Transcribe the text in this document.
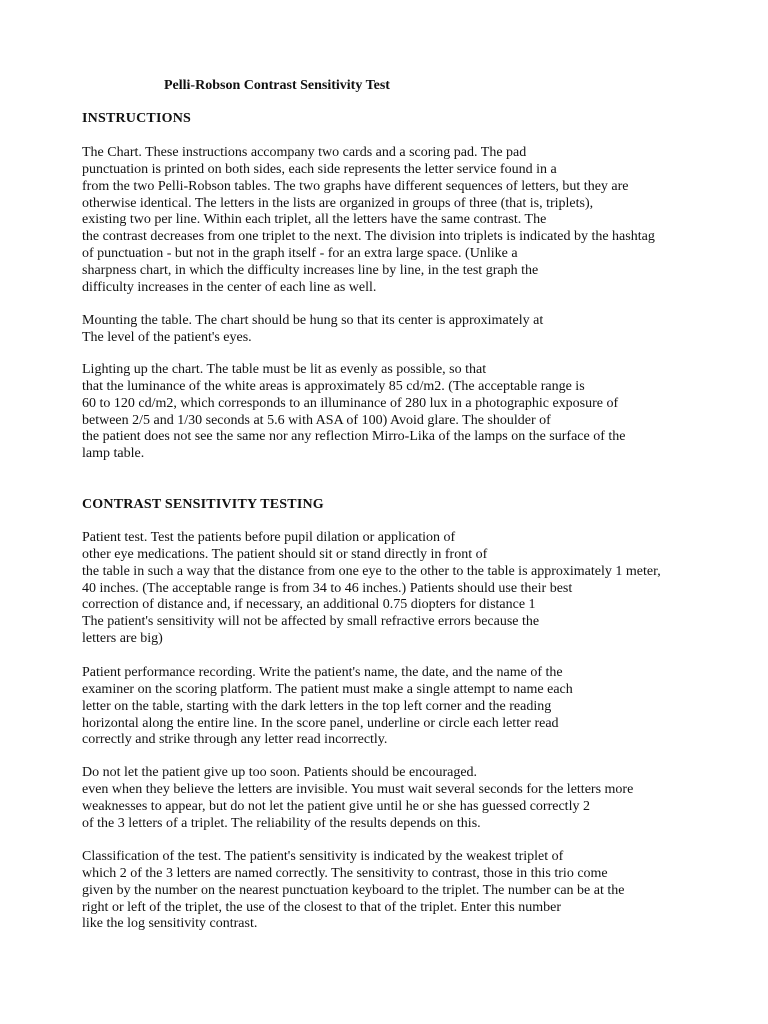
Pelli-Robson Contrast Sensitivity Test
INSTRUCTIONS
The Chart. These instructions accompany two cards and a scoring pad. The pad
punctuation is printed on both sides, each side represents the letter service found in a
from the two Pelli-Robson tables. The two graphs have different sequences of letters, but they are
otherwise identical. The letters in the lists are organized in groups of three (that is, triplets),
existing two per line. Within each triplet, all the letters have the same contrast. The
the contrast decreases from one triplet to the next. The division into triplets is indicated by the hashtag
of punctuation - but not in the graph itself - for an extra large space. (Unlike a
sharpness chart, in which the difficulty increases line by line, in the test graph the
difficulty increases in the center of each line as well.
Mounting the table. The chart should be hung so that its center is approximately at
The level of the patient's eyes.
Lighting up the chart. The table must be lit as evenly as possible, so that
that the luminance of the white areas is approximately 85 cd/m2. (The acceptable range is
60 to 120 cd/m2, which corresponds to an illuminance of 280 lux in a photographic exposure of
between 2/5 and 1/30 seconds at 5.6 with ASA of 100) Avoid glare. The shoulder of
the patient does not see the same nor any reflection Mirro-Lika of the lamps on the surface of the
lamp table.
CONTRAST SENSITIVITY TESTING
Patient test. Test the patients before pupil dilation or application of
other eye medications. The patient should sit or stand directly in front of
the table in such a way that the distance from one eye to the other to the table is approximately 1 meter,
40 inches. (The acceptable range is from 34 to 46 inches.) Patients should use their best
correction of distance and, if necessary, an additional 0.75 diopters for distance 1
The patient's sensitivity will not be affected by small refractive errors because the
letters are big)
Patient performance recording. Write the patient's name, the date, and the name of the
examiner on the scoring platform. The patient must make a single attempt to name each
letter on the table, starting with the dark letters in the top left corner and the reading
horizontal along the entire line. In the score panel, underline or circle each letter read
correctly and strike through any letter read incorrectly.
Do not let the patient give up too soon. Patients should be encouraged.
even when they believe the letters are invisible. You must wait several seconds for the letters more
weaknesses to appear, but do not let the patient give until he or she has guessed correctly 2
of the 3 letters of a triplet. The reliability of the results depends on this.
Classification of the test. The patient's sensitivity is indicated by the weakest triplet of
which 2 of the 3 letters are named correctly. The sensitivity to contrast, those in this trio come
given by the number on the nearest punctuation keyboard to the triplet. The number can be at the
right or left of the triplet, the use of the closest to that of the triplet. Enter this number
like the log sensitivity contrast.
